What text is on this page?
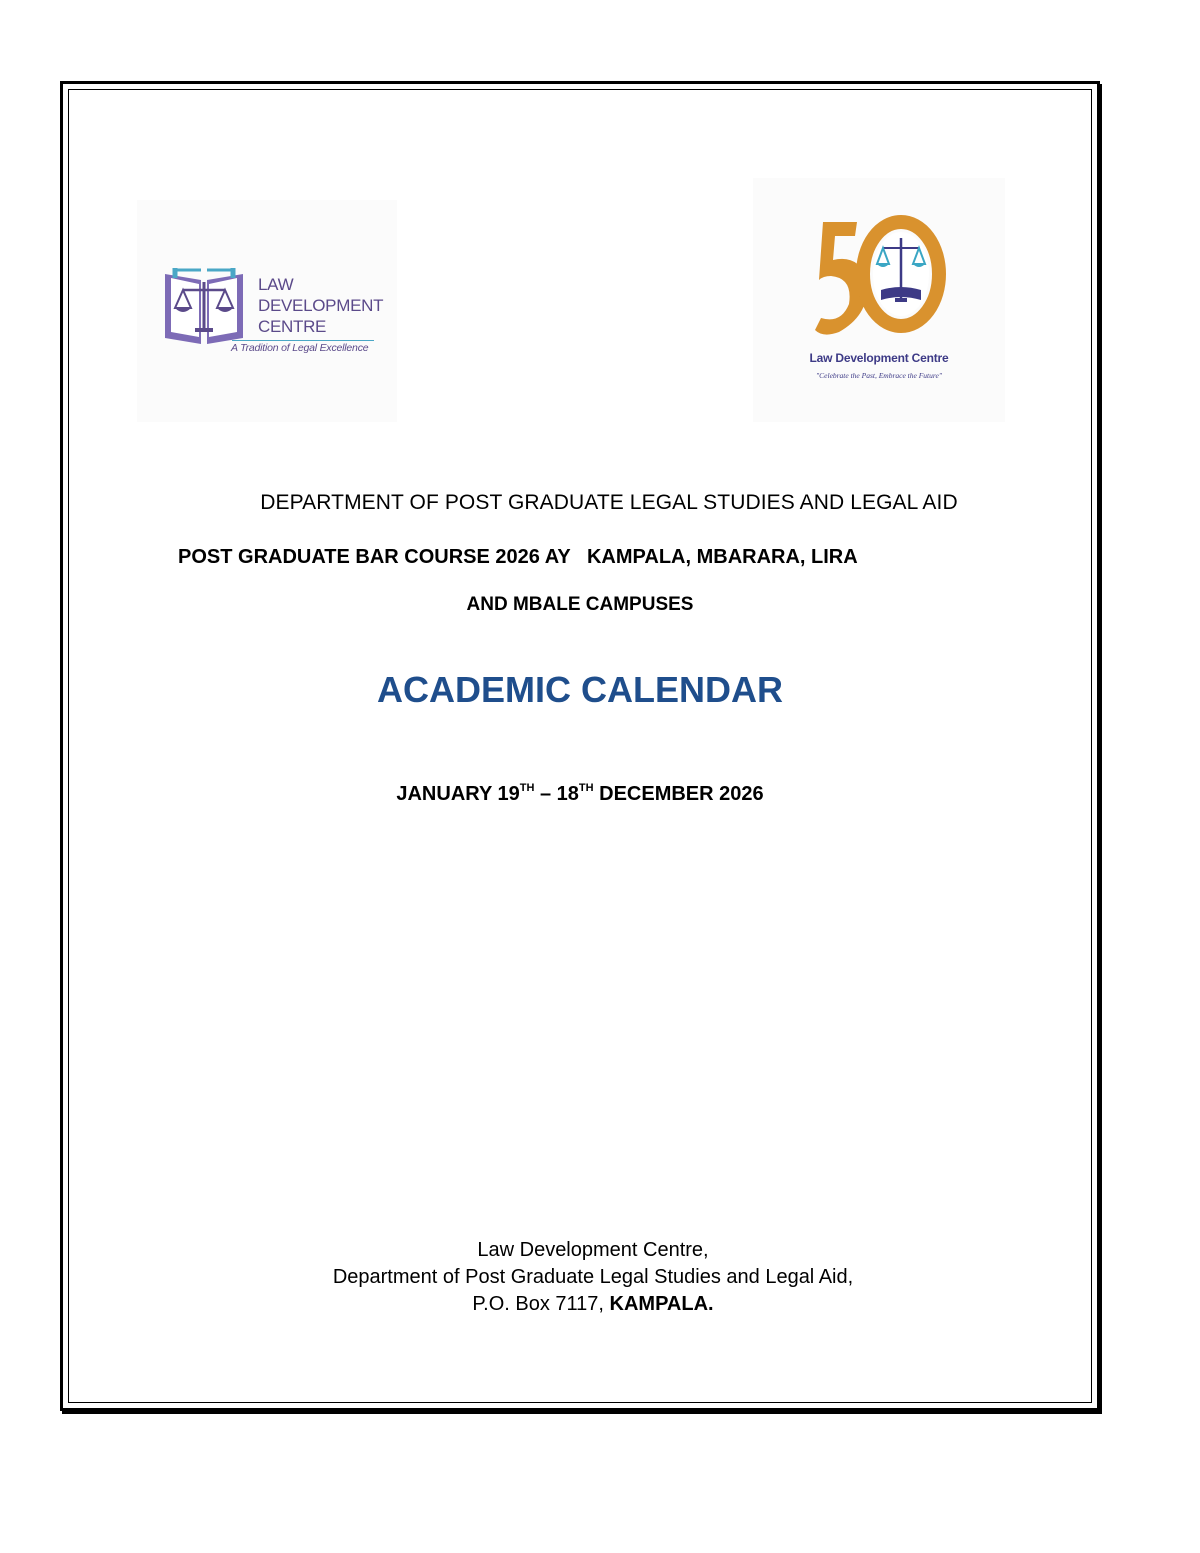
LAW
DEVELOPMENT
CENTRE
A Tradition of Legal Excellence
Law Development Centre
"Celebrate the Past, Embrace the Future"
DEPARTMENT OF POST GRADUATE LEGAL STUDIES AND LEGAL AID
POST GRADUATE BAR COURSE 2026 AY   KAMPALA, MBARARA, LIRA
AND MBALE CAMPUSES
ACADEMIC CALENDAR
JANUARY 19TH – 18TH DECEMBER 2026
Law Development Centre,
Department of Post Graduate Legal Studies and Legal Aid,
P.O. Box 7117, KAMPALA.
